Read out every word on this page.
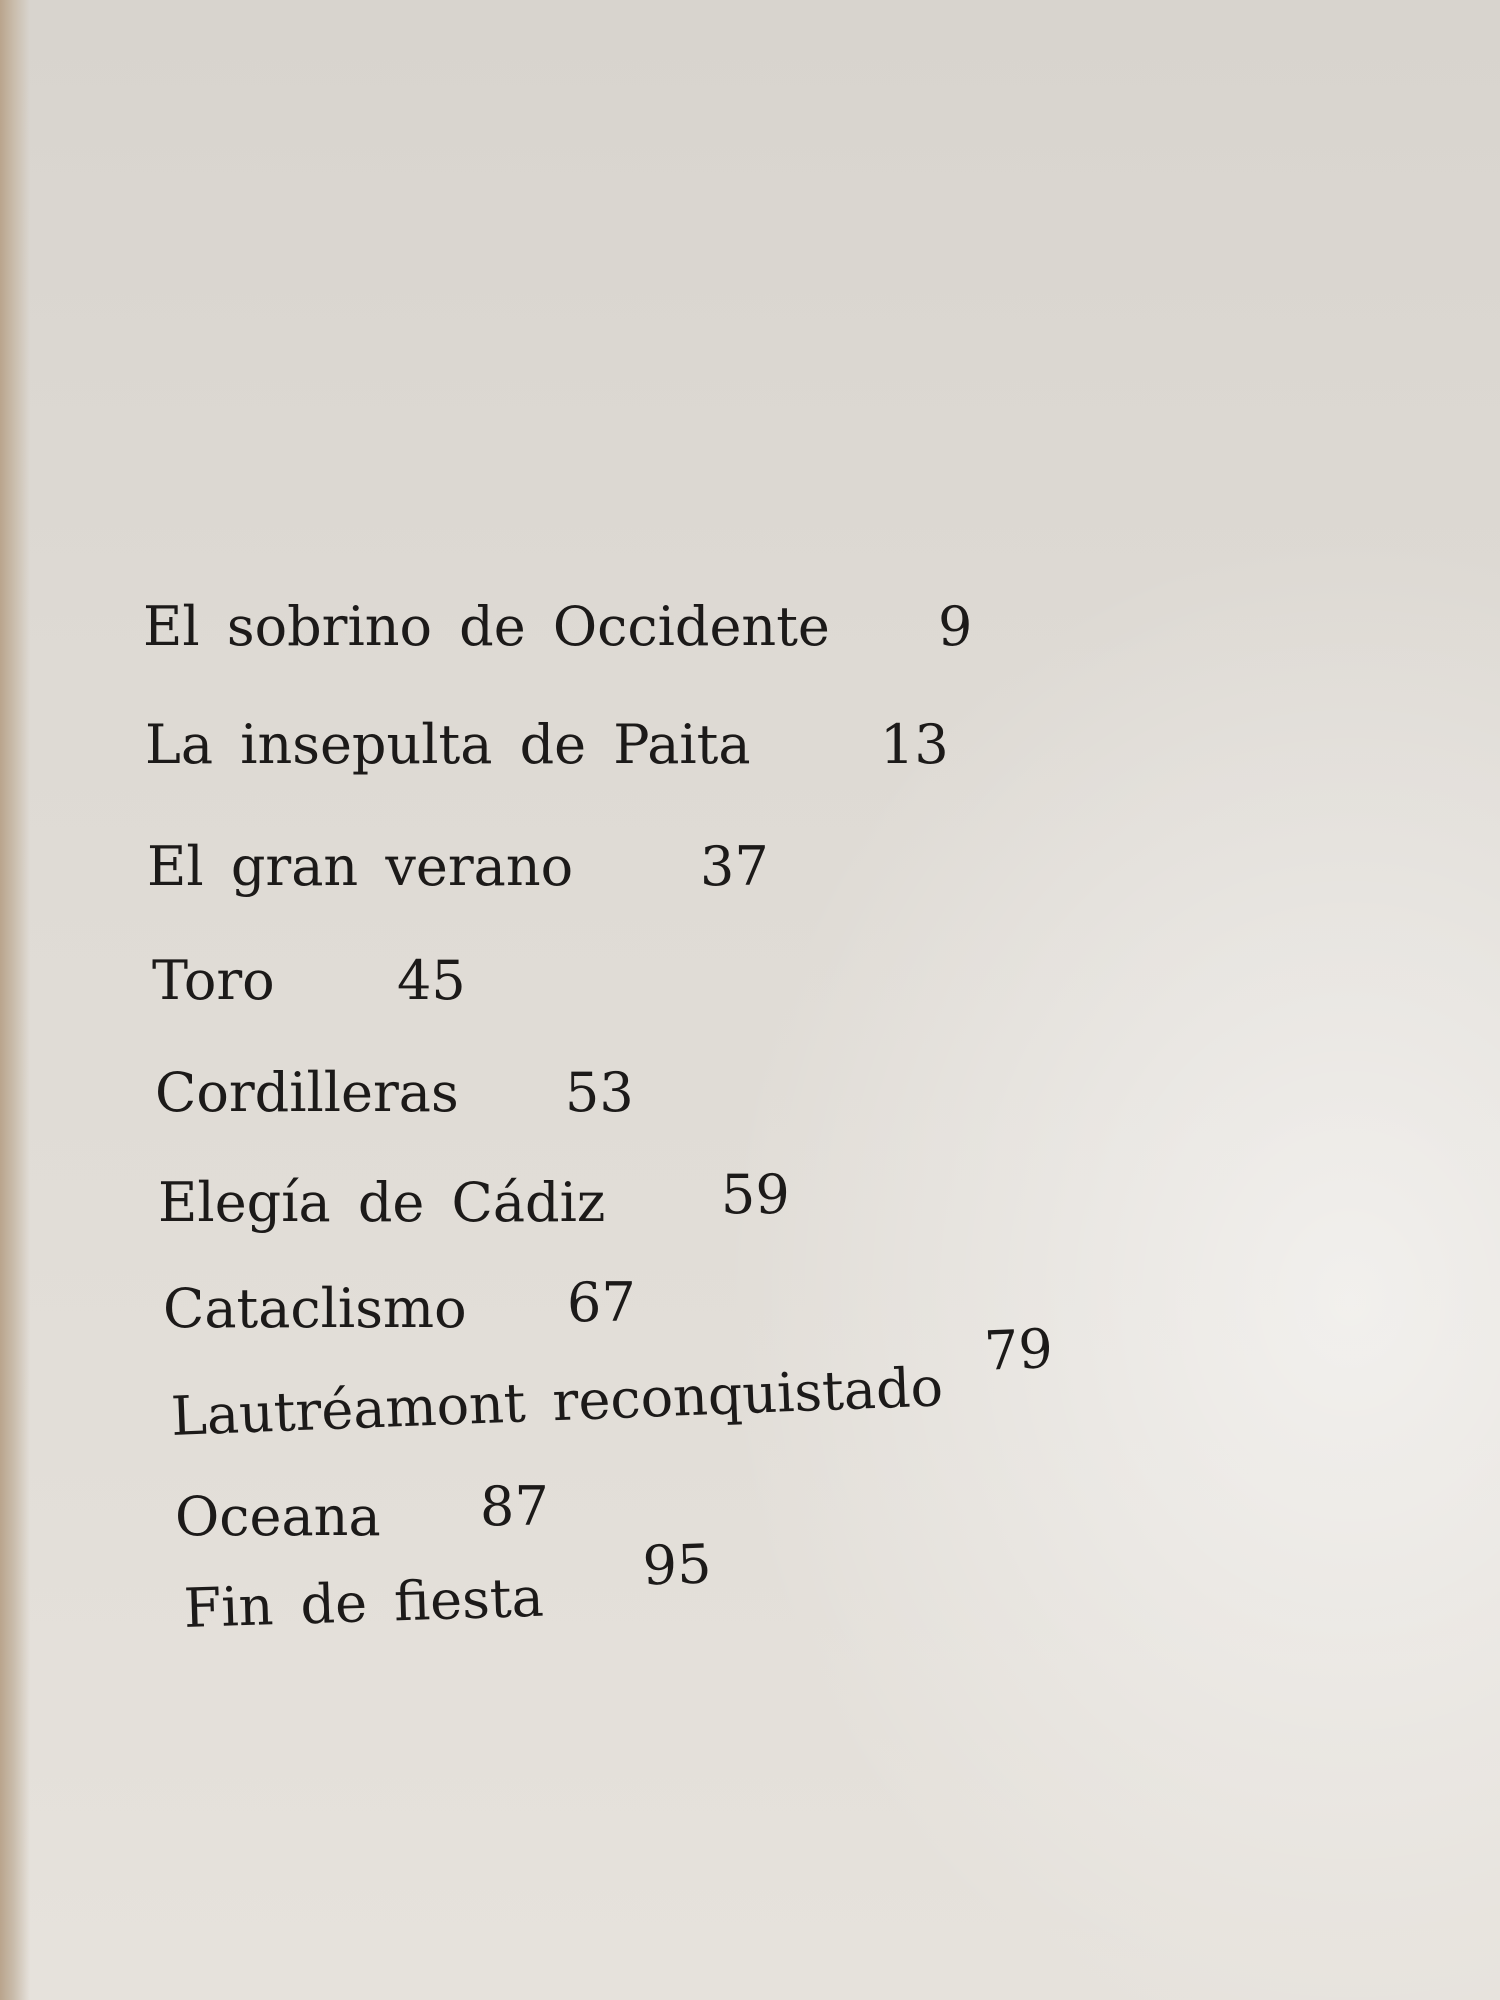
El sobrino de Occidente 9
La insepulta de Paita 13
El gran verano 37
Toro 45
Cordilleras 53
Elegía de Cádiz 59
Cataclismo 67
Lautréamont reconquistado
79
Oceana 87
Fin de fiesta
95
